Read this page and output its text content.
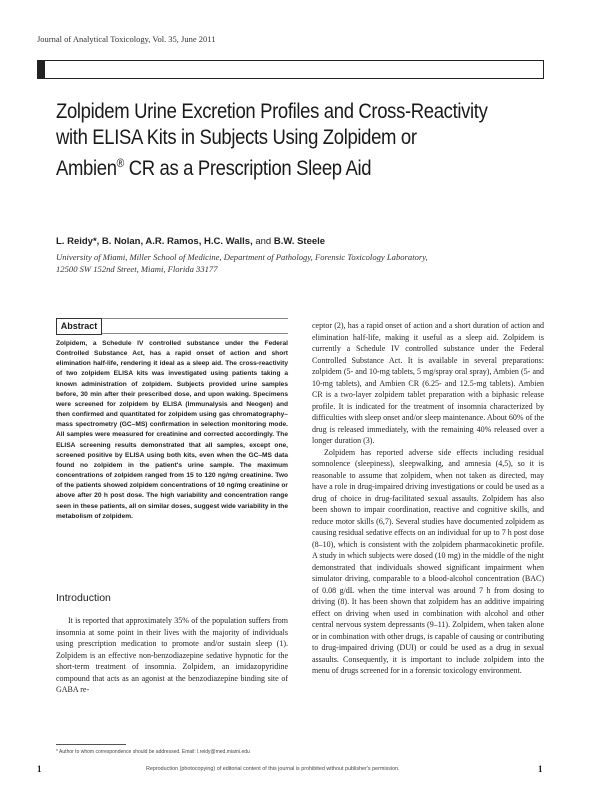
Journal of Analytical Toxicology, Vol. 35, June 2011
Zolpidem Urine Excretion Profiles and Cross-Reactivity
with ELISA Kits in Subjects Using Zolpidem or
Ambien® CR as a Prescription Sleep Aid
L. Reidy*, B. Nolan, A.R. Ramos, H.C. Walls, and B.W. Steele
University of Miami, Miller School of Medicine, Department of Pathology, Forensic Toxicology Laboratory,
12500 SW 152nd Street, Miami, Florida 33177
Abstract
Zolpidem, a Schedule IV controlled substance under the Federal Controlled Substance Act, has a rapid onset of action and short elimination half-life, rendering it ideal as a sleep aid. The cross-reactivity of two zolpidem ELISA kits was investigated using patients taking a known administration of zolpidem. Subjects provided urine samples before, 30 min after their prescribed dose, and upon waking. Specimens were screened for zolpidem by ELISA (Immunalysis and Neogen) and then confirmed and quantitated for zolpidem using gas chromatography–mass spectrometry (GC–MS) confirmation in selection monitoring mode. All samples were measured for creatinine and corrected accordingly. The ELISA screening results demonstrated that all samples, except one, screened positive by ELISA using both kits, even when the GC–MS data found no zolpidem in the patient's urine sample. The maximum concentrations of zolpidem ranged from 15 to 120 ng/mg creatinine. Two of the patients showed zolpidem concentrations of 10 ng/mg creatinine or above after 20 h post dose. The high variability and concentration range seen in these patients, all on similar doses, suggest wide variability in the metabolism of zolpidem.
Introduction
It is reported that approximately 35% of the population suffers from insomnia at some point in their lives with the majority of individuals using prescription medication to promote and/or sustain sleep (1). Zolpidem is an effective non-benzodiazepine sedative hypnotic for the short-term treatment of insomnia. Zolpidem, an imidazopyridine compound that acts as an agonist at the benzodiazepine binding site of GABA re-

ceptor (2), has a rapid onset of action and a short duration of action and elimination half-life, making it useful as a sleep aid. Zolpidem is currently a Schedule IV controlled substance under the Federal Controlled Substance Act. It is available in several preparations: zolpidem (5- and 10-mg tablets, 5 mg/spray oral spray), Ambien (5- and 10-mg tablets), and Ambien CR (6.25- and 12.5-mg tablets). Ambien CR is a two-layer zolpidem tablet preparation with a biphasic release profile. It is indicated for the treatment of insomnia characterized by difficulties with sleep onset and/or sleep maintenance. About 60% of the drug is released immediately, with the remaining 40% released over a longer duration (3).

Zolpidem has reported adverse side effects including residual somnolence (sleepiness), sleepwalking, and amnesia (4,5), so it is reasonable to assume that zolpidem, when not taken as directed, may have a role in drug-impaired driving investigations or could be used as a drug of choice in drug-facilitated sexual assaults. Zolpidem has also been shown to impair coordination, reactive and cognitive skills, and reduce motor skills (6,7). Several studies have documented zolpidem as causing residual sedative effects on an individual for up to 7 h post dose (8–10), which is consistent with the zolpidem pharmacokinetic profile. A study in which subjects were dosed (10 mg) in the middle of the night demonstrated that individuals showed significant impairment when simulator driving, comparable to a blood-alcohol concentration (BAC) of 0.08 g/dL when the time interval was around 7 h from dosing to driving (8). It has been shown that zolpidem has an additive impairing effect on driving when used in combination with alcohol and other central nervous system depressants (9–11). Zolpidem, when taken alone or in combination with other drugs, is capable of causing or contributing to drug-impaired driving (DUI) or could be used as a drug in sexual assaults. Consequently, it is important to include zolpidem into the menu of drugs screened for in a forensic toxicology environment.

* Author to whom correspondence should be addressed. Email: l.reidy@med.miami.edu
1	Reproduction (photocopying) of editorial content of this journal is prohibited without publisher's permission.	1
